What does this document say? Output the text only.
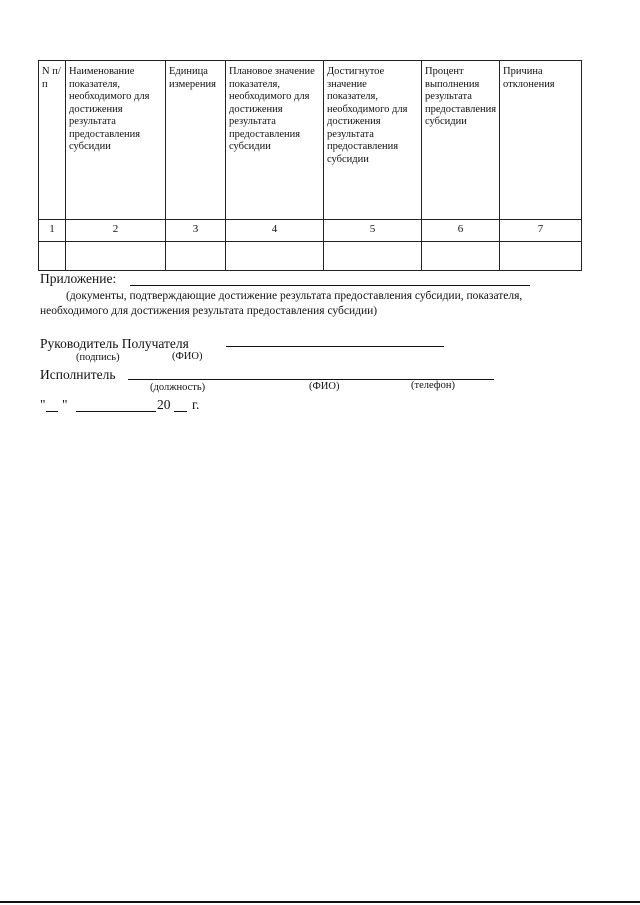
N п/п	Наименование показателя, необходимого для достижения результата предоставления субсидии	Единица измерения	Плановое значение показателя, необходимого для достижения результата предоставления субсидии	Достигнутое значение показателя, необходимого для достижения результата предоставления субсидии	Процент выполнения результата предоставления субсидии	Причина отклонения
1	2	3	4	5	6	7

Приложение:
(документы, подтверждающие достижение результата предоставления субсидии, показателя,
необходимого для достижения результата предоставления субсидии)
Руководитель Получателя
(подпись)	(ФИО)
Исполнитель
(должность)	(ФИО)	(телефон)
" "	20 г.
